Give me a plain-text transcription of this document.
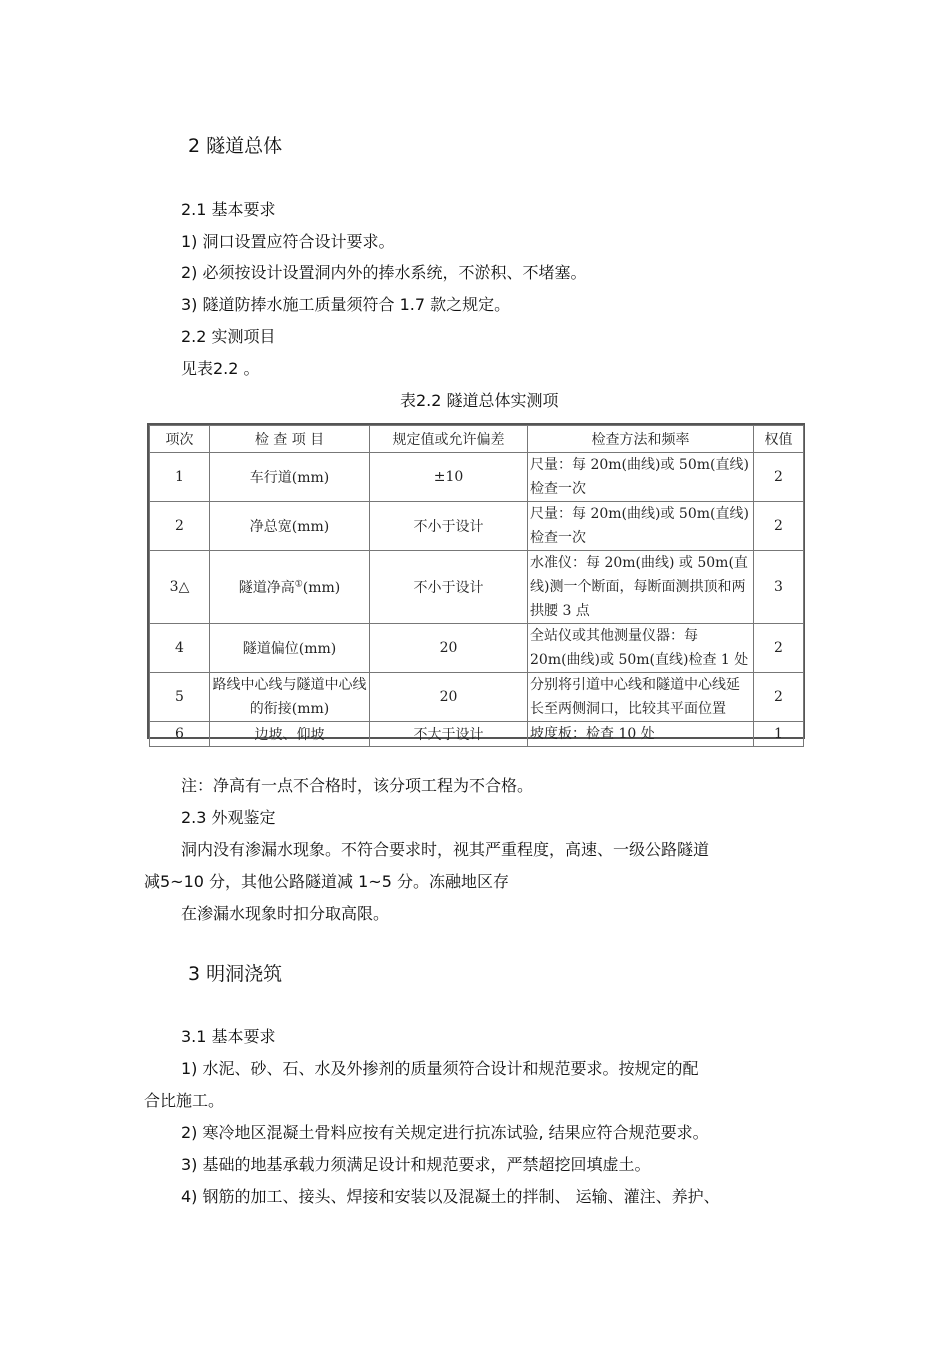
2 隧道总体
2.1 基本要求
1) 洞口设置应符合设计要求。
2) 必须按设计设置洞内外的捧水系统，不淤积、不堵塞。
3) 隧道防捧水施工质量须符合 1.7 款之规定。
2.2 实测项目
见表2.2 。
表2.2 隧道总体实测项
项次	检 查 项 目	规定值或允许偏差	检查方法和频率	权值
1	车行道(mm)	±10	尺量：每 20m(曲线)或 50m(直线)检查一次	2
2	净总宽(mm)	不小于设计	尺量：每 20m(曲线)或 50m(直线)检查一次	2
3△	隧道净高①(mm)	不小于设计	水准仪：每 20m(曲线) 或 50m(直线)测一个断面，每断面测拱顶和两拱腰 3 点	3
4	隧道偏位(mm)	20	全站仪或其他测量仪器：每 20m(曲线)或 50m(直线)检查 1 处	2
5	路线中心线与隧道中心线的衔接(mm)	20	分别将引道中心线和隧道中心线延长至两侧洞口，比较其平面位置	2
6	边坡、仰坡	不大于设计	坡度板：检查 10 处	1
注：净高有一点不合格时，该分项工程为不合格。
2.3 外观鉴定
洞内没有渗漏水现象。不符合要求时，视其严重程度，高速、一级公路隧道
减5~10 分，其他公路隧道减 1~5 分。冻融地区存
在渗漏水现象时扣分取高限。
3 明洞浇筑
3.1 基本要求
1) 水泥、砂、石、水及外掺剂的质量须符合设计和规范要求。按规定的配
合比施工。
2) 寒冷地区混凝土骨料应按有关规定进行抗冻试验, 结果应符合规范要求。
3) 基础的地基承载力须满足设计和规范要求，严禁超挖回填虚土。
4) 钢筋的加工、接头、焊接和安装以及混凝土的拌制、 运输、灌注、养护、
